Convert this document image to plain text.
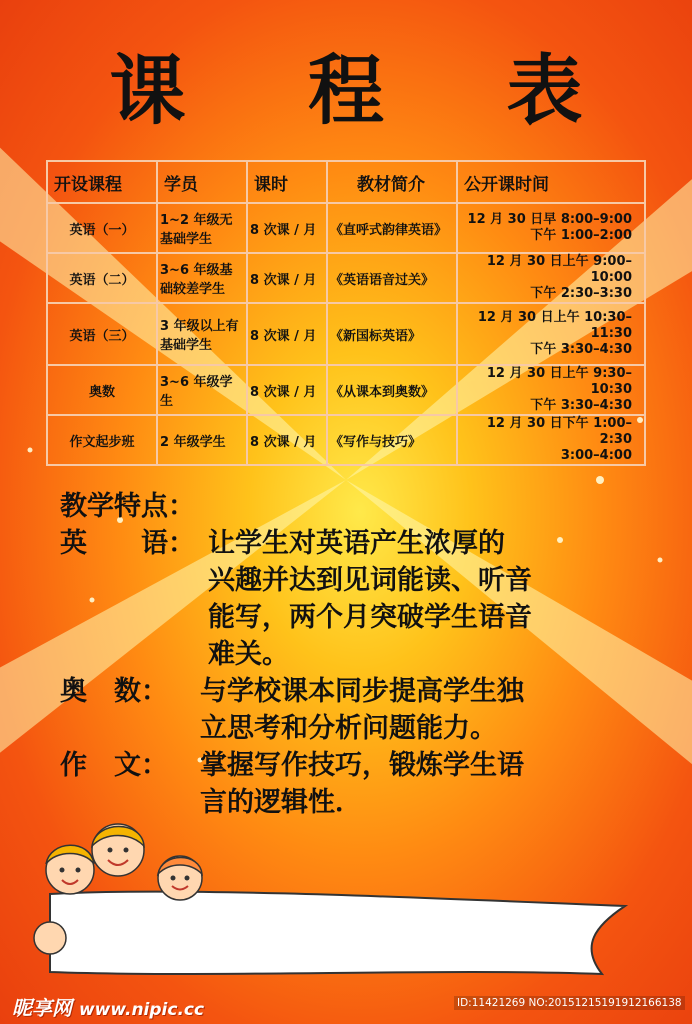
课 程 表
开设课程	学员	课时	教材简介	公开课时间
英语（一）	1~2 年级无基础学生	8 次课 / 月	《直呼式韵律英语》	12 月 30 日早 8:00–9:00
下午 1:00–2:00

英语（二）	3~6 年级基础较差学生	8 次课 / 月	《英语语音过关》	12 月 30 日上午 9:00–10:00
下午 2:30–3:30

英语（三）	3 年级以上有基础学生	8 次课 / 月	《新国标英语》	12 月 30 日上午 10:30–11:30
下午 3:30–4:30

奥数	3~6 年级学生	8 次课 / 月	《从课本到奥数》	12 月 30 日上午 9:30–10:30
下午 3:30–4:30

作文起步班	2 年级学生	8 次课 / 月	《写作与技巧》	12 月 30 日下午 1:00–2:30
3:00–4:00
教学特点：
英　　语： 让学生对英语产生浓厚的
兴趣并达到见词能读、听音
能写，两个月突破学生语音
难关。
奥　数：	与学校课本同步提高学生独
立思考和分析问题能力。
作　文：	掌握写作技巧，锻炼学生语
言的逻辑性．
昵享网 www.nipic.cc	ID:11421269 NO:20151215191912166138
